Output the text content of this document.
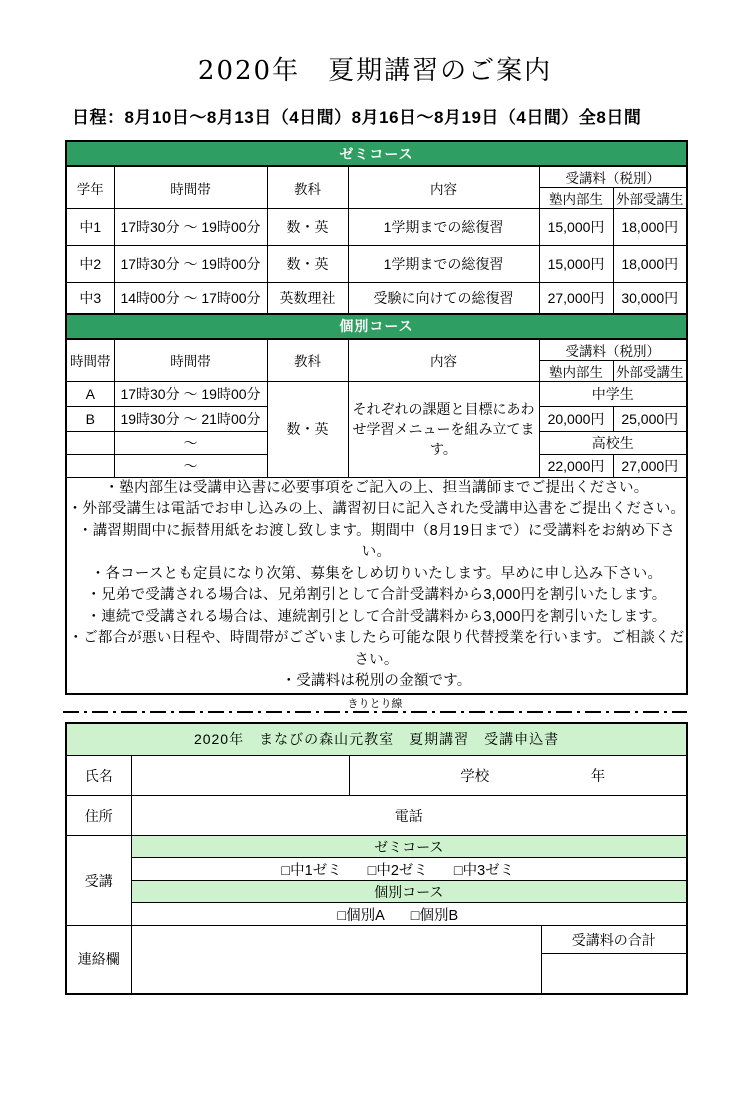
2020年　夏期講習のご案内
日程：8月10日～8月13日（4日間）8月16日～8月19日（4日間）全8日間
ゼミコース					
学年	時間帯	教科	内容	受講料（税別）	
				塾内部生	外部受講生
中1	17時30分 ～ 19時00分	数・英	1学期までの総復習	15,000円	18,000円
中2	17時30分 ～ 19時00分	数・英	1学期までの総復習	15,000円	18,000円
中3	14時00分 ～ 17時00分	英数理社	受験に向けての総復習	27,000円	30,000円
個別コース					
時間帯	時間帯	教科	内容	受講料（税別）	
				塾内部生	外部受講生
A	17時30分 ～ 19時00分	数・英	それぞれの課題と目標にあわせ学習メニューを組み立てます。	中学生	
B	19時30分 ～ 21時00分			20,000円	25,000円
	～			高校生	
	～			22,000円	27,000円

・塾内部生は受講申込書に必要事項をご記入の上、担当講師までご提出ください。
・外部受講生は電話でお申し込みの上、講習初日に記入された受講申込書をご提出ください。
・講習期間中に振替用紙をお渡し致します。期間中（8月19日まで）に受講料をお納め下さい。
・各コースとも定員になり次第、募集をしめ切りいたします。早めに申し込み下さい。
・兄弟で受講される場合は、兄弟割引として合計受講料から3,000円を割引いたします。
・連続で受講される場合は、連続割引として合計受講料から3,000円を割引いたします。
・ご都合が悪い日程や、時間帯がございましたら可能な限り代替授業を行います。ご相談ください。
・受講料は税別の金額です。
きりとり線
2020年　まなびの森山元教室　夏期講習　受講申込書			
氏名		学校 年	

住所	電話		
受講	ゼミコース		
	□中1ゼミ □中2ゼミ □中3ゼミ		
	個別コース		
	□個別A □個別B		
連絡欄			受講料の合計
